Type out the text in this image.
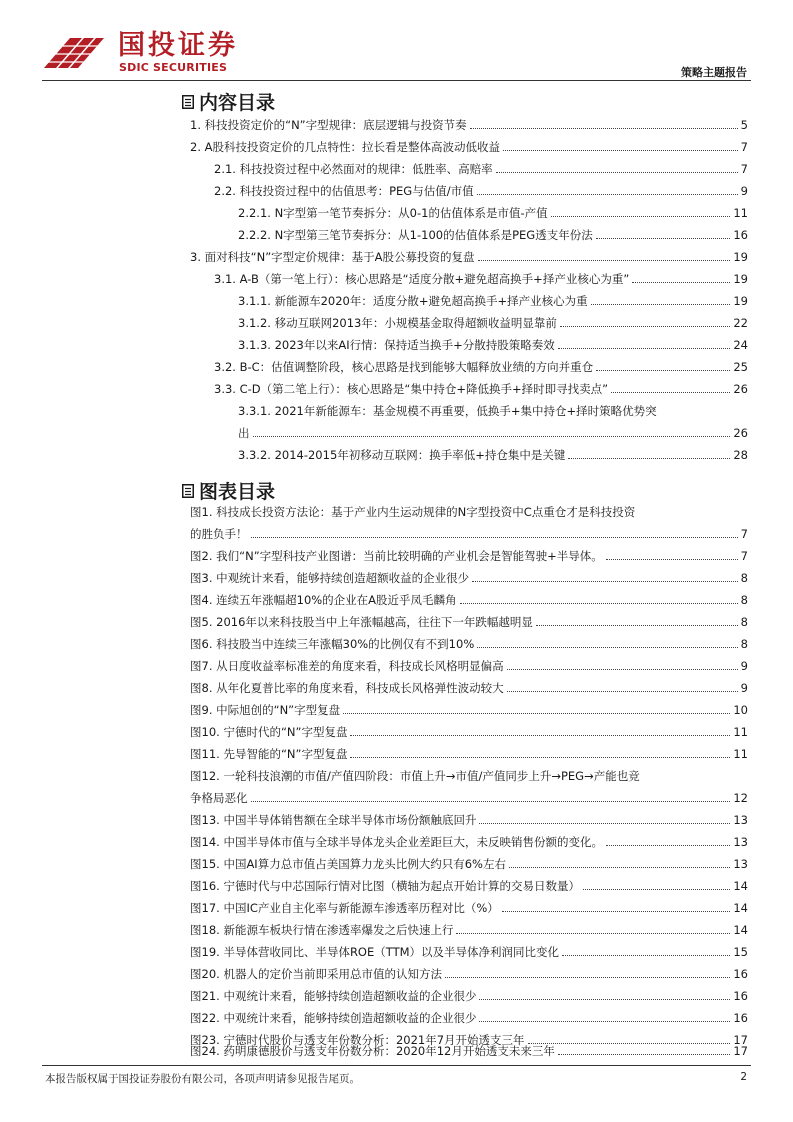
国投证券
SDIC SECURITIES	策略主题报告
内容目录
1. 科技投资定价的“N”字型规律：底层逻辑与投资节奏	5
2. A股科技投资定价的几点特性：拉长看是整体高波动低收益	7
2.1. 科技投资过程中必然面对的规律：低胜率、高赔率	7
2.2. 科技投资过程中的估值思考：PEG与估值/市值	9
2.2.1. N字型第一笔节奏拆分：从0-1的估值体系是市值-产值	11
2.2.2. N字型第三笔节奏拆分：从1-100的估值体系是PEG透支年份法	16
3. 面对科技“N”字型定价规律：基于A股公募投资的复盘	19
3.1. A-B（第一笔上行）：核心思路是“适度分散+避免超高换手+择产业核心为重”	19
3.1.1. 新能源车2020年：适度分散+避免超高换手+择产业核心为重	19
3.1.2. 移动互联网2013年：小规模基金取得超额收益明显靠前	22
3.1.3. 2023年以来AI行情：保持适当换手+分散持股策略奏效	24
3.2. B-C：估值调整阶段，核心思路是找到能够大幅释放业绩的方向并重仓	25
3.3. C-D（第二笔上行）：核心思路是“集中持仓+降低换手+择时即寻找卖点”	26
3.3.1. 2021年新能源车：基金规模不再重要，低换手+集中持仓+择时策略优势突
出	26
3.3.2. 2014-2015年初移动互联网：换手率低+持仓集中是关键	28
图表目录
图1. 科技成长投资方法论：基于产业内生运动规律的N字型投资中C点重仓才是科技投资
的胜负手！	7
图2. 我们“N”字型科技产业图谱：当前比较明确的产业机会是智能驾驶+半导体。	7
图3. 中观统计来看，能够持续创造超额收益的企业很少	8
图4. 连续五年涨幅超10%的企业在A股近乎凤毛麟角	8
图5. 2016年以来科技股当中上年涨幅越高，往往下一年跌幅越明显	8
图6. 科技股当中连续三年涨幅30%的比例仅有不到10%	8
图7. 从日度收益率标准差的角度来看，科技成长风格明显偏高	9
图8. 从年化夏普比率的角度来看，科技成长风格弹性波动较大	9
图9. 中际旭创的“N”字型复盘	10
图10. 宁德时代的“N”字型复盘	11
图11. 先导智能的“N”字型复盘	11
图12. 一轮科技浪潮的市值/产值四阶段：市值上升→市值/产值同步上升→PEG→产能也竞
争格局恶化	12
图13. 中国半导体销售额在全球半导体市场份额触底回升	13
图14. 中国半导体市值与全球半导体龙头企业差距巨大，未反映销售份额的变化。	13
图15. 中国AI算力总市值占美国算力龙头比例大约只有6%左右	13
图16. 宁德时代与中芯国际行情对比图（横轴为起点开始计算的交易日数量）	14
图17. 中国IC产业自主化率与新能源车渗透率历程对比（%）	14
图18. 新能源车板块行情在渗透率爆发之后快速上行	14
图19. 半导体营收同比、半导体ROE（TTM）以及半导体净利润同比变化	15
图20. 机器人的定价当前即采用总市值的认知方法	16
图21. 中观统计来看，能够持续创造超额收益的企业很少	16
图22. 中观统计来看，能够持续创造超额收益的企业很少	16
图23. 宁德时代股价与透支年份数分析：2021年7月开始透支三年	17
图24. 药明康德股价与透支年份数分析：2020年12月开始透支未来三年	17
本报告版权属于国投证券股份有限公司，各项声明请参见报告尾页。	2
